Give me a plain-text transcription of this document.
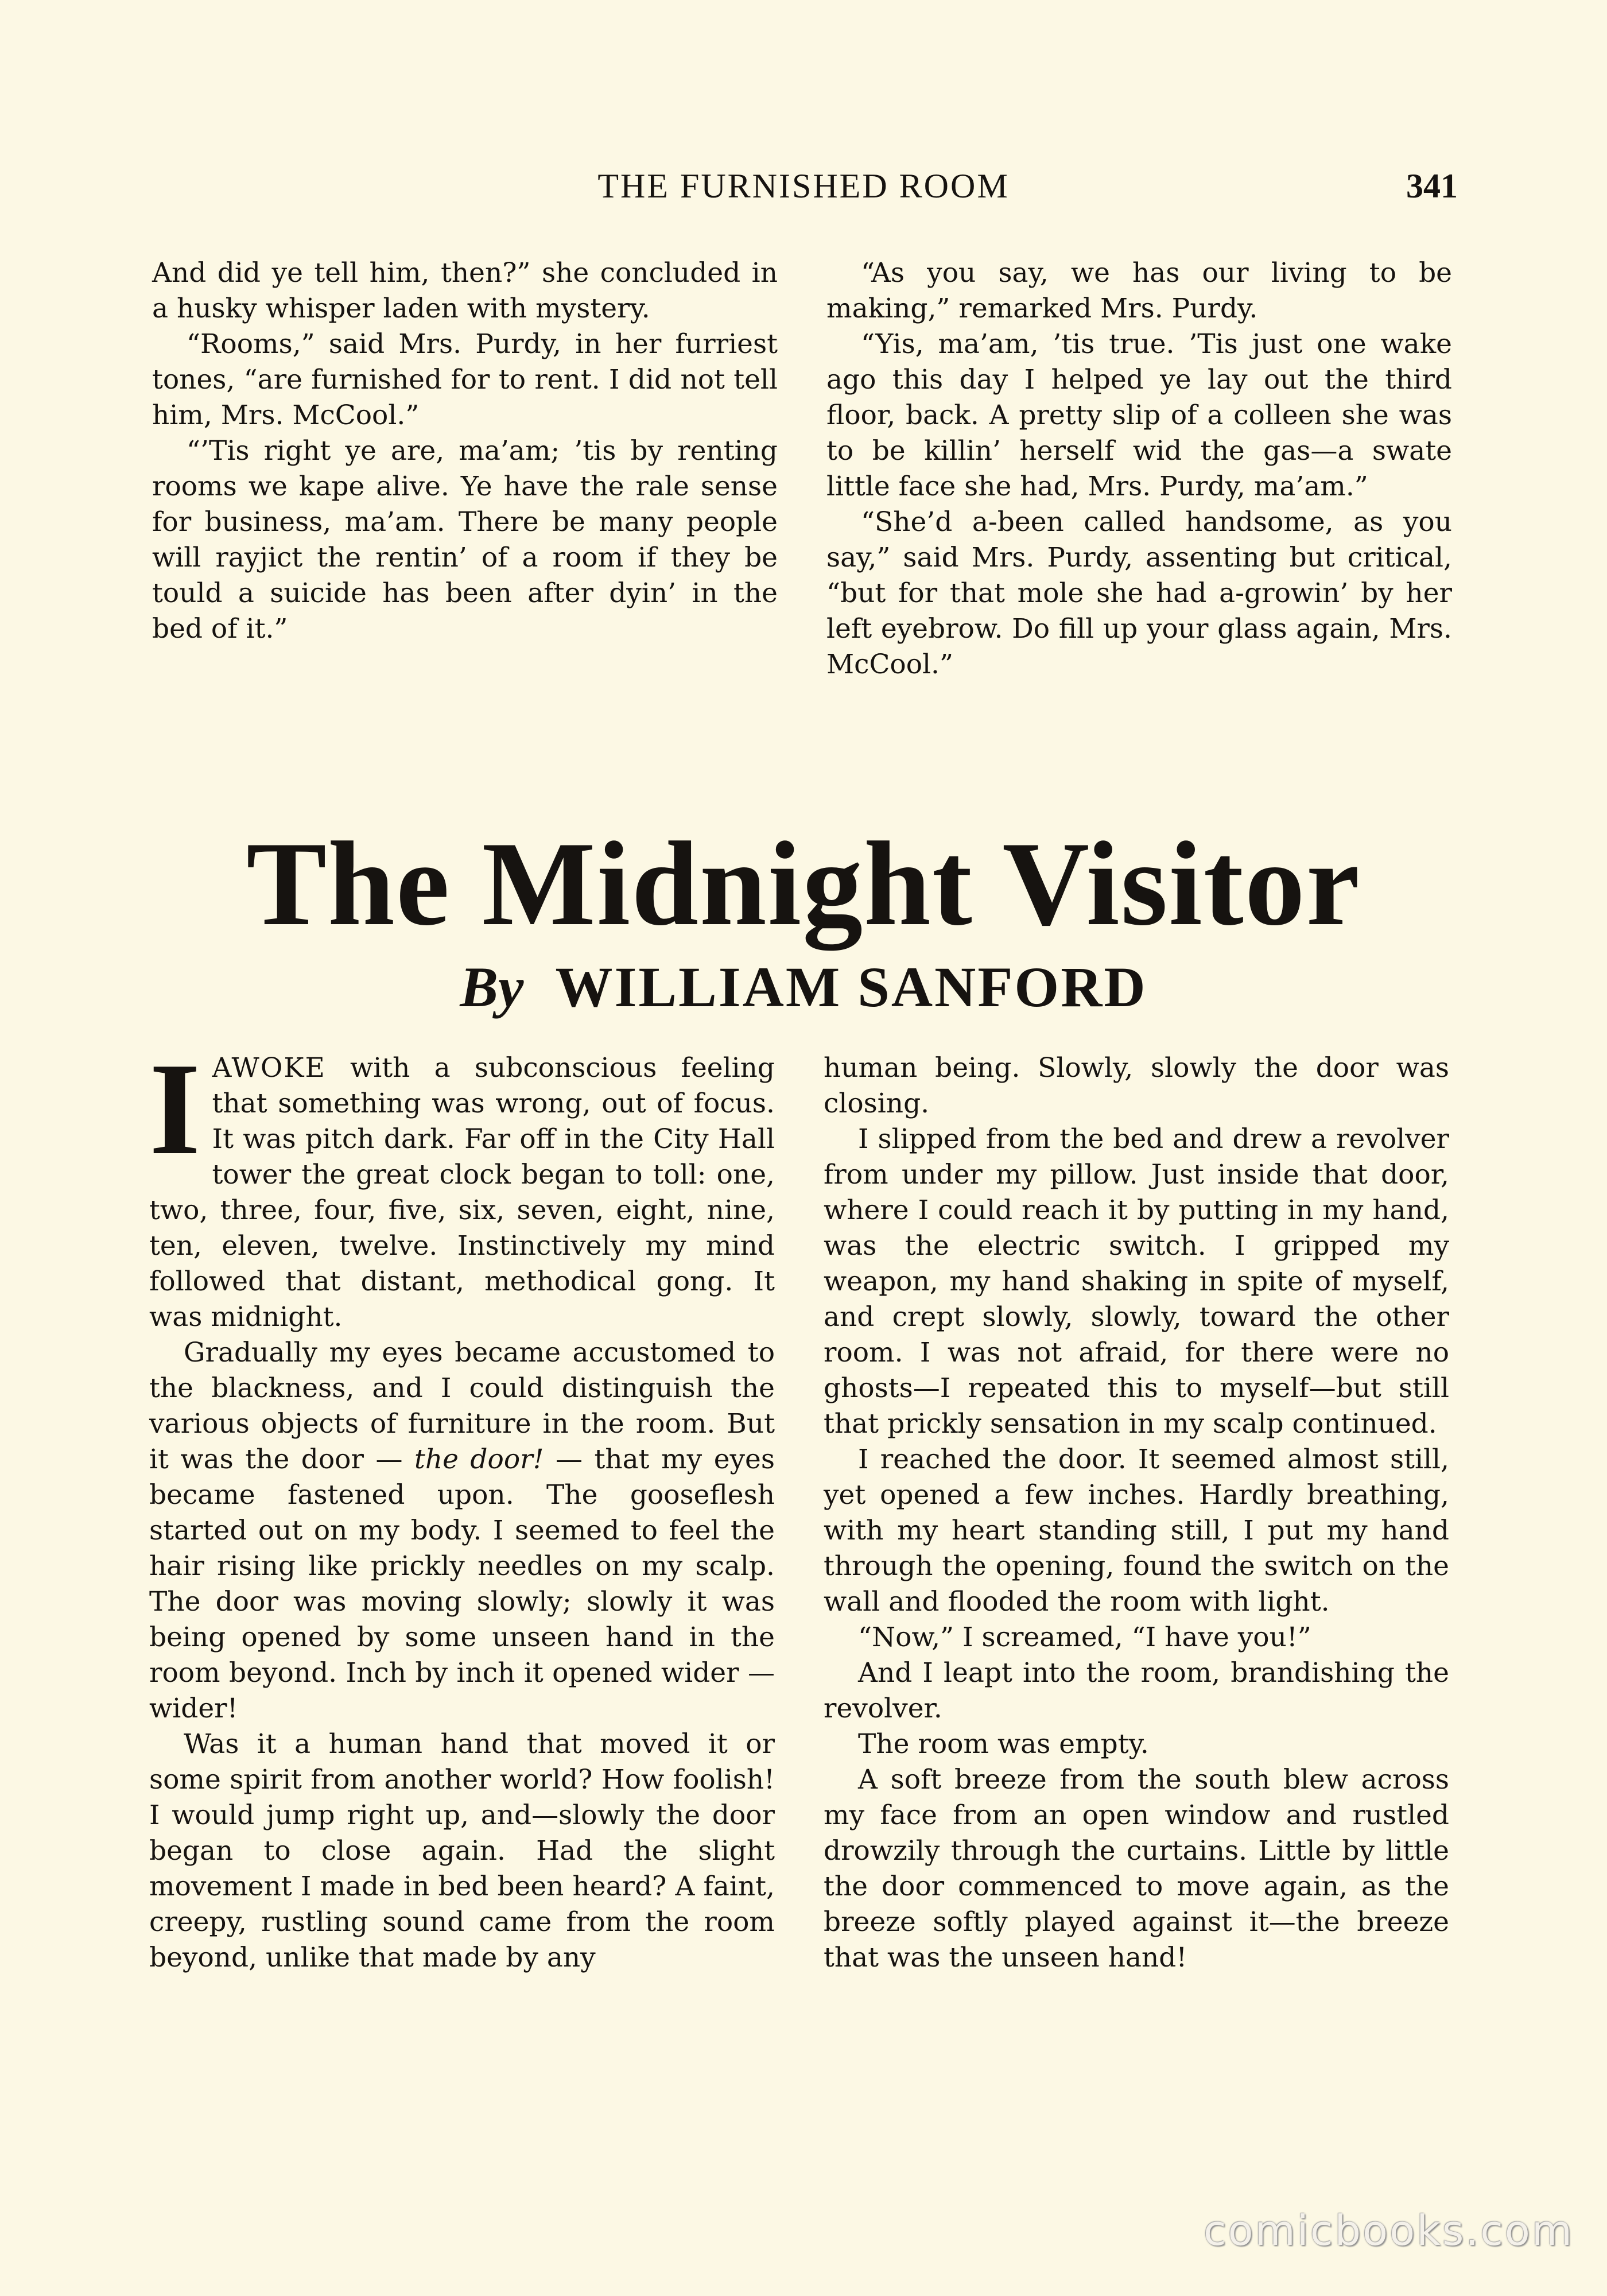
THE FURNISHED ROOM	341

And did ye tell him, then?” she concluded in a husky whisper laden with mystery.

“Rooms,” said Mrs. Purdy, in her furriest tones, “are furnished for to rent. I did not tell him, Mrs. McCool.”

“’Tis right ye are, ma’am; ’tis by renting rooms we kape alive. Ye have the rale sense for business, ma’am. There be many people will rayjict the rentin’ of a room if they be tould a suicide has been after dyin’ in the bed of it.”

“As you say, we has our living to be making,” remarked Mrs. Purdy.

“Yis, ma’am, ’tis true. ’Tis just one wake ago this day I helped ye lay out the third floor, back. A pretty slip of a colleen she was to be killin’ herself wid the gas—a swate little face she had, Mrs. Purdy, ma’am.”

“She’d a-been called handsome, as you say,” said Mrs. Purdy, assenting but critical, “but for that mole she had a-growin’ by her left eyebrow. Do fill up your glass again, Mrs. McCool.”

The Midnight Visitor
By WILLIAM SANFORD

IAWOKE with a subconscious feeling that something was wrong, out of focus. It was pitch dark. Far off in the City Hall tower the great clock began to toll: one, two, three, four, five, six, seven, eight, nine, ten, eleven, twelve. Instinctively my mind followed that distant, methodical gong. It was midnight.

Gradually my eyes became accustomed to the blackness, and I could distinguish the various objects of furniture in the room. But it was the door — the door! — that my eyes became fastened upon. The gooseflesh started out on my body. I seemed to feel the hair rising like prickly needles on my scalp. The door was moving slowly; slowly it was being opened by some unseen hand in the room beyond. Inch by inch it opened wider —wider!

Was it a human hand that moved it or some spirit from another world? How foolish! I would jump right up, and—slowly the door began to close again. Had the slight movement I made in bed been heard? A faint, creepy, rustling sound came from the room beyond, unlike that made by any

human being. Slowly, slowly the door was closing.

I slipped from the bed and drew a revolver from under my pillow. Just inside that door, where I could reach it by putting in my hand, was the electric switch. I gripped my weapon, my hand shaking in spite of myself, and crept slowly, slowly, toward the other room. I was not afraid, for there were no ghosts—I repeated this to myself—but still that prickly sensation in my scalp continued.

I reached the door. It seemed almost still, yet opened a few inches. Hardly breathing, with my heart standing still, I put my hand through the opening, found the switch on the wall and flooded the room with light.

“Now,” I screamed, “I have you!”

And I leapt into the room, brandishing the revolver.

The room was empty.

A soft breeze from the south blew across my face from an open window and rustled drowzily through the curtains. Little by little the door commenced to move again, as the breeze softly played against it—the breeze that was the unseen hand!

comicbooks.com
